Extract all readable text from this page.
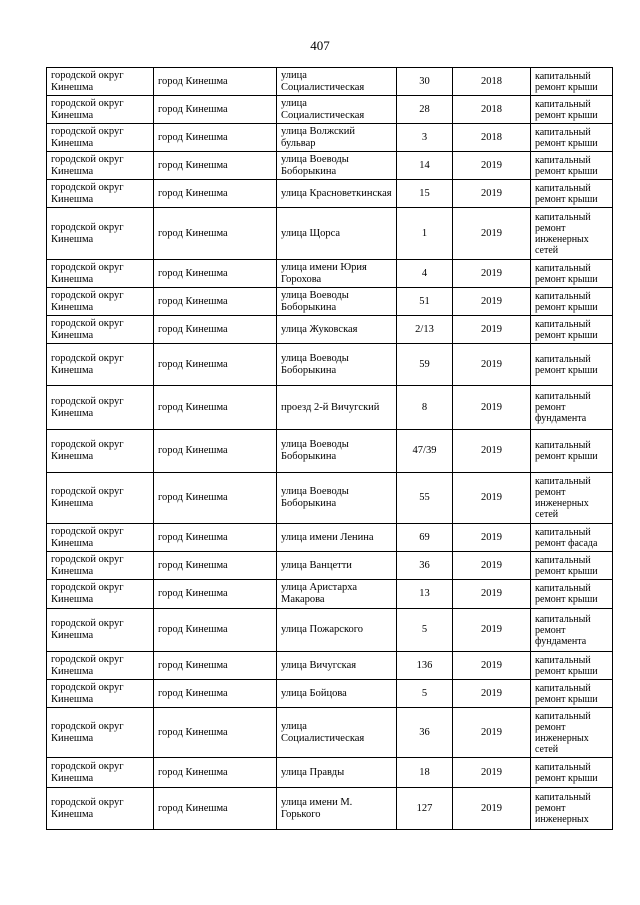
407
городской округ Кинешма	город Кинешма	улица Социалистическая	30	2018	капитальный ремонт крыши
городской округ Кинешма	город Кинешма	улица Социалистическая	28	2018	капитальный ремонт крыши
городской округ Кинешма	город Кинешма	улица Волжский бульвар	3	2018	капитальный ремонт крыши
городской округ Кинешма	город Кинешма	улица Воеводы Боборыкина	14	2019	капитальный ремонт крыши
городской округ Кинешма	город Кинешма	улица Красноветкинская	15	2019	капитальный ремонт крыши
городской округ Кинешма	город Кинешма	улица Щорса	1	2019	капитальный ремонт инженерных сетей
городской округ Кинешма	город Кинешма	улица имени Юрия Горохова	4	2019	капитальный ремонт крыши
городской округ Кинешма	город Кинешма	улица Воеводы Боборыкина	51	2019	капитальный ремонт крыши
городской округ Кинешма	город Кинешма	улица Жуковская	2/13	2019	капитальный ремонт крыши
городской округ Кинешма	город Кинешма	улица Воеводы Боборыкина	59	2019	капитальный ремонт крыши
городской округ Кинешма	город Кинешма	проезд 2-й Вичугский	8	2019	капитальный ремонт фундамента
городской округ Кинешма	город Кинешма	улица Воеводы Боборыкина	47/39	2019	капитальный ремонт крыши
городской округ Кинешма	город Кинешма	улица Воеводы Боборыкина	55	2019	капитальный ремонт инженерных сетей
городской округ Кинешма	город Кинешма	улица имени Ленина	69	2019	капитальный ремонт фасада
городской округ Кинешма	город Кинешма	улица Ванцетти	36	2019	капитальный ремонт крыши
городской округ Кинешма	город Кинешма	улица Аристарха Макарова	13	2019	капитальный ремонт крыши
городской округ Кинешма	город Кинешма	улица Пожарского	5	2019	капитальный ремонт фундамента
городской округ Кинешма	город Кинешма	улица Вичугская	136	2019	капитальный ремонт крыши
городской округ Кинешма	город Кинешма	улица Бойцова	5	2019	капитальный ремонт крыши
городской округ Кинешма	город Кинешма	улица Социалистическая	36	2019	капитальный ремонт инженерных сетей
городской округ Кинешма	город Кинешма	улица Правды	18	2019	капитальный ремонт крыши
городской округ Кинешма	город Кинешма	улица имени М. Горького	127	2019	капитальный ремонт инженерных
